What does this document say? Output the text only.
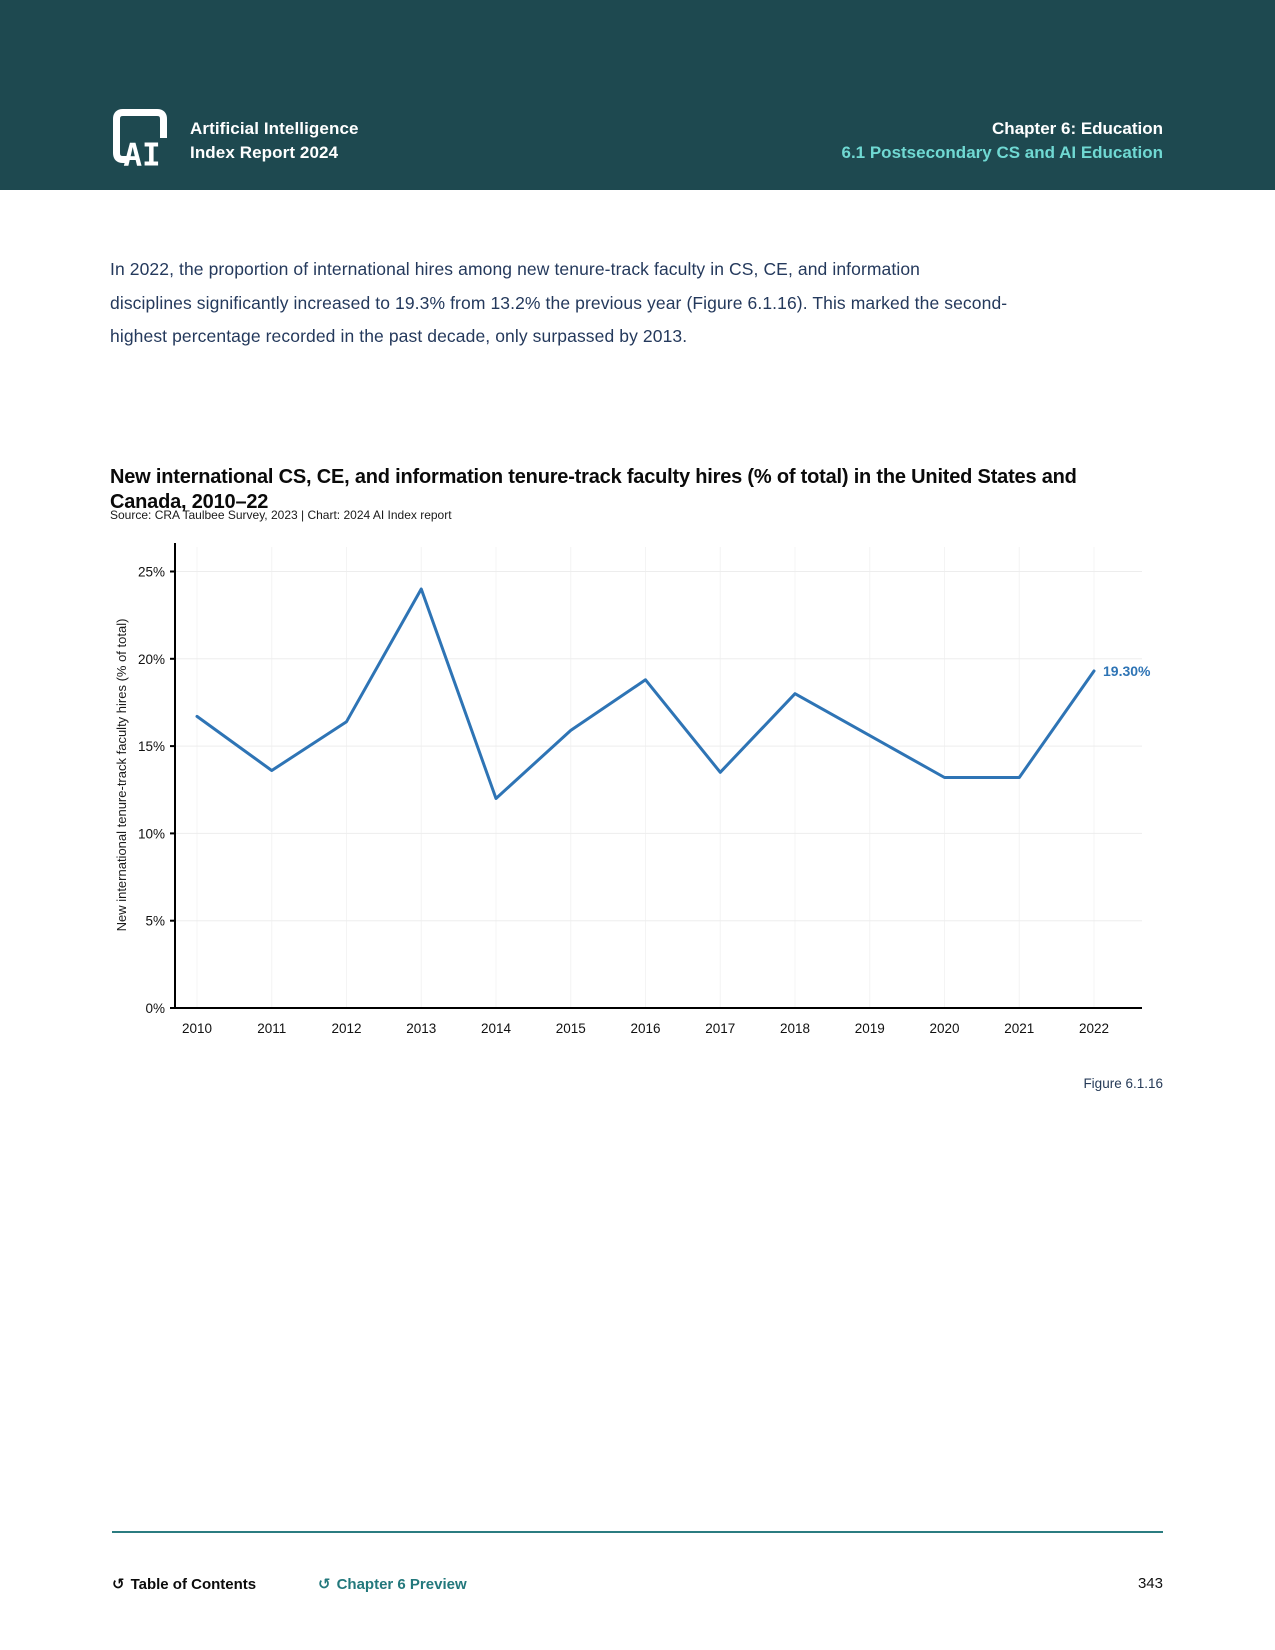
AI
Artificial Intelligence
Index Report 2024
Chapter 6: Education
6.1 Postsecondary CS and AI Education
In 2022, the proportion of international hires among new tenure-track faculty in CS, CE, and information
disciplines significantly increased to 19.3% from 13.2% the previous year (Figure 6.1.16). This marked the second-
highest percentage recorded in the past decade, only surpassed by 2013.
New international CS, CE, and information tenure-track faculty hires (% of total) in the United States and
Canada, 2010–22
Source: CRA Taulbee Survey, 2023 | Chart: 2024 AI Index report
0%
5%
10%
15%
20%
25%
2010	2011	2012	2013	2014	2015	2016	2017	2018	2019	2020	2021	2022
New international tenure-track faculty hires (% of total)	19.30%
Figure 6.1.16
↺ Table of Contents	↺ Chapter 6 Preview	343
